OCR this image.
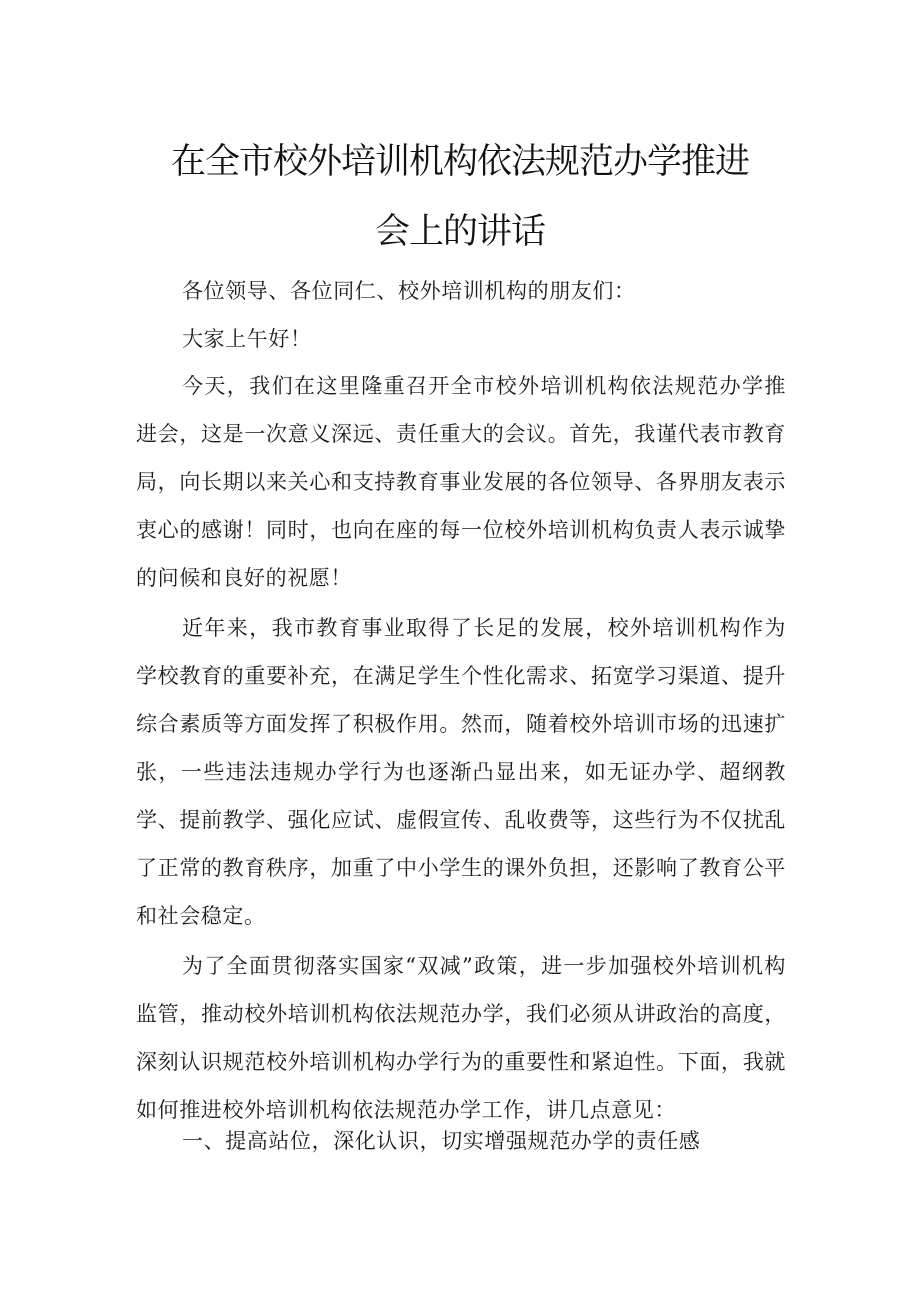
在全市校外培训机构依法规范办学推进
会上的讲话

各位领导、各位同仁、校外培训机构的朋友们：

大家上午好！

今天，我们在这里隆重召开全市校外培训机构依法规范办学推进会，这是一次意义深远、责任重大的会议。首先，我谨代表市教育局，向长期以来关心和支持教育事业发展的各位领导、各界朋友表示衷心的感谢！同时，也向在座的每一位校外培训机构负责人表示诚挚的问候和良好的祝愿！

近年来，我市教育事业取得了长足的发展，校外培训机构作为学校教育的重要补充，在满足学生个性化需求、拓宽学习渠道、提升综合素质等方面发挥了积极作用。然而，随着校外培训市场的迅速扩张，一些违法违规办学行为也逐渐凸显出来，如无证办学、超纲教学、提前教学、强化应试、虚假宣传、乱收费等，这些行为不仅扰乱了正常的教育秩序，加重了中小学生的课外负担，还影响了教育公平和社会稳定。

为了全面贯彻落实国家“双减”政策，进一步加强校外培训机构监管，推动校外培训机构依法规范办学，我们必须从讲政治的高度，深刻认识规范校外培训机构办学行为的重要性和紧迫性。下面，我就如何推进校外培训机构依法规范办学工作，讲几点意见：

一、提高站位，深化认识，切实增强规范办学的责任感
